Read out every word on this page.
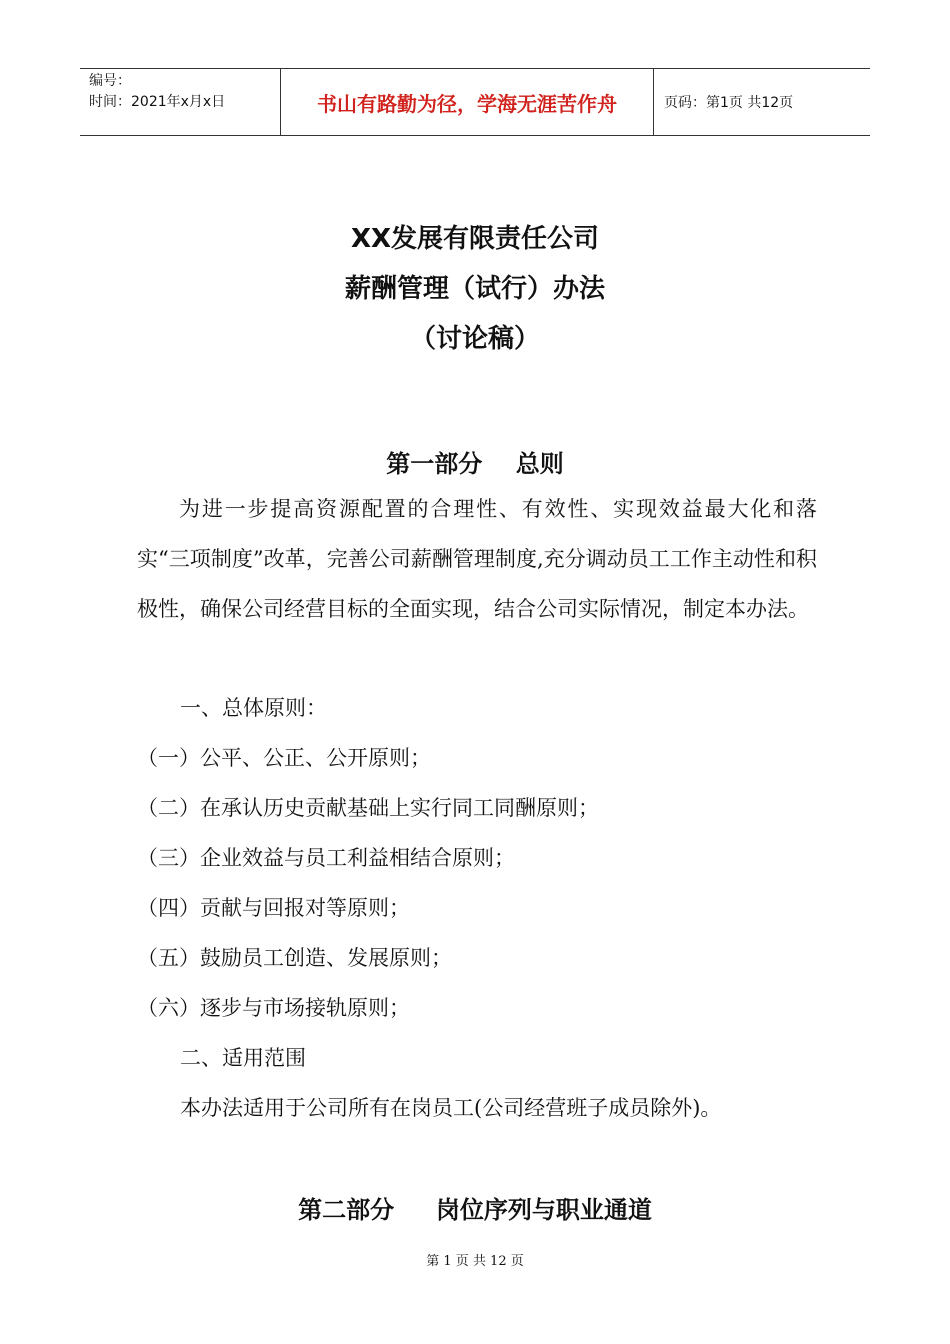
编号：
时间：2021年x月x日	书山有路勤为径，学海无涯苦作舟	页码：第1页 共12页
XX发展有限责任公司
薪酬管理（试行）办法
（讨论稿）
第一部分    总则
为进一步提高资源配置的合理性、有效性、实现效益最大化和落实“三项制度”改革，完善公司薪酬管理制度,充分调动员工工作主动性和积极性，确保公司经营目标的全面实现，结合公司实际情况，制定本办法。
一、总体原则：
（一）公平、公正、公开原则；
（二）在承认历史贡献基础上实行同工同酬原则；
（三）企业效益与员工利益相结合原则；
（四）贡献与回报对等原则；
（五）鼓励员工创造、发展原则；
（六）逐步与市场接轨原则；
二、适用范围
本办法适用于公司所有在岗员工(公司经营班子成员除外)。
第二部分     岗位序列与职业通道
第 1 页 共 12 页
